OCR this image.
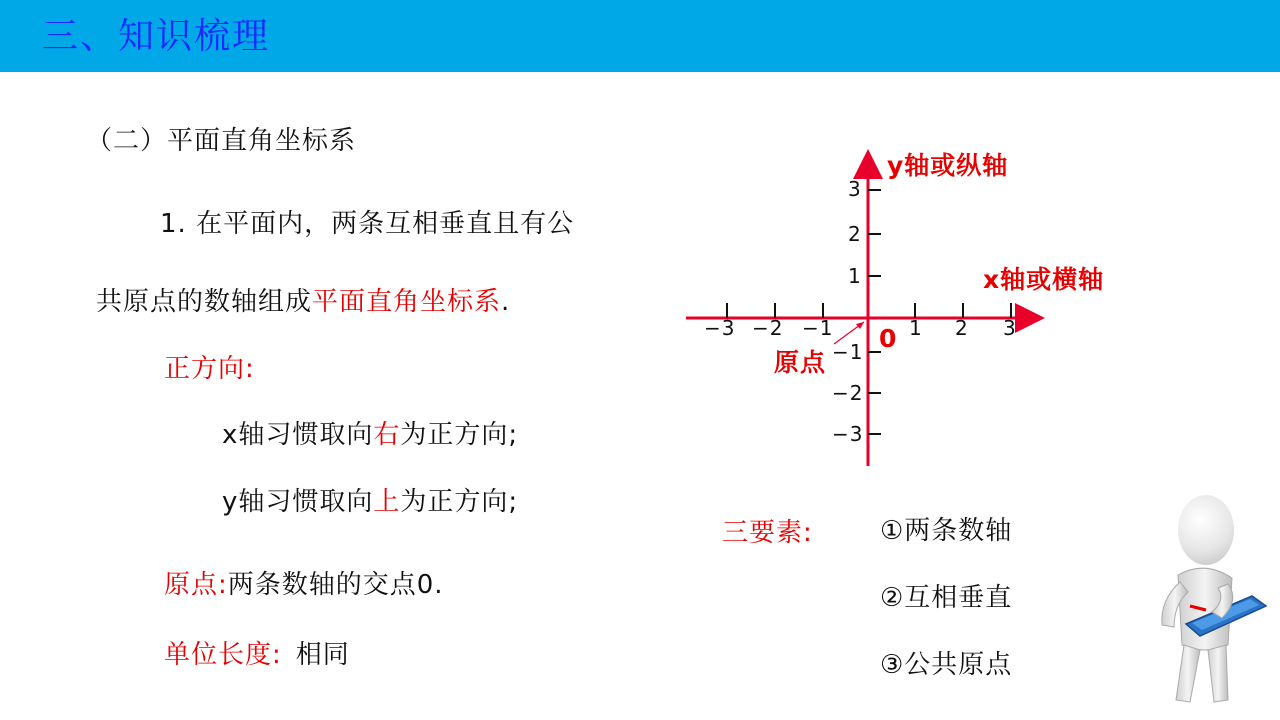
三、知识梳理
（二）平面直角坐标系
1. 在平面内，两条互相垂直且有公
共原点的数轴组成平面直角坐标系.
正方向:
x轴习惯取向右为正方向;
y轴习惯取向上为正方向;
原点:两条数轴的交点0.
单位长度: 相同
−3 −2 −1	1 2 3
3
2
1
−1
−2
−3
y轴或纵轴
x轴或横轴
0
原点
三要素:	①两条数轴
②互相垂直
③公共原点
